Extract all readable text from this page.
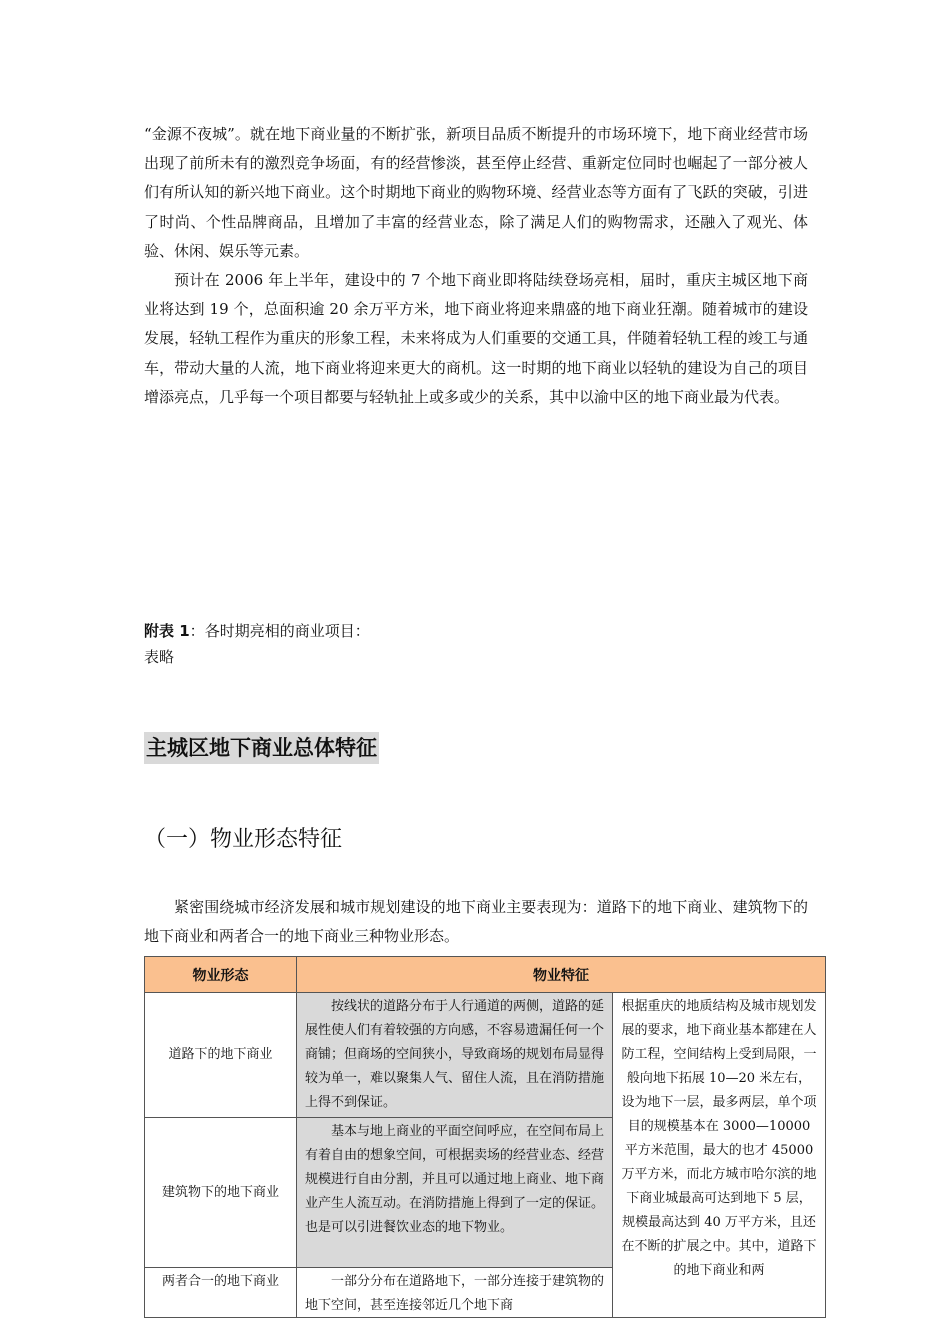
“金源不夜城”。就在地下商业量的不断扩张，新项目品质不断提升的市场环境下，地下商业经营市场出现了前所未有的激烈竞争场面，有的经营惨淡，甚至停止经营、重新定位同时也崛起了一部分被人们有所认知的新兴地下商业。这个时期地下商业的购物环境、经营业态等方面有了飞跃的突破，引进了时尚、个性品牌商品，且增加了丰富的经营业态，除了满足人们的购物需求，还融入了观光、体验、休闲、娱乐等元素。

预计在 2006 年上半年，建设中的 7 个地下商业即将陆续登场亮相，届时，重庆主城区地下商业将达到 19 个，总面积逾 20 余万平方米，地下商业将迎来鼎盛的地下商业狂潮。随着城市的建设发展，轻轨工程作为重庆的形象工程，未来将成为人们重要的交通工具，伴随着轻轨工程的竣工与通车，带动大量的人流，地下商业将迎来更大的商机。这一时期的地下商业以轻轨的建设为自己的项目增添亮点，几乎每一个项目都要与轻轨扯上或多或少的关系，其中以渝中区的地下商业最为代表。

附表 1：各时期亮相的商业项目：
表略
主城区地下商业总体特征
（一）物业形态特征

紧密围绕城市经济发展和城市规划建设的地下商业主要表现为：道路下的地下商业、建筑物下的地下商业和两者合一的地下商业三种物业形态。

物业形态	物业特征	
道路下的地下商业	按线状的道路分布于人行通道的两侧，道路的延展性使人们有着较强的方向感，不容易遗漏任何一个商铺；但商场的空间狭小，导致商场的规划布局显得较为单一，难以聚集人气、留住人流，且在消防措施上得不到保证。	根据重庆的地质结构及城市规划发展的要求，地下商业基本都建在人防工程，空间结构上受到局限，一般向地下拓展 10—20 米左右，设为地下一层，最多两层，单个项目的规模基本在 3000—10000 平方米范围，最大的也才 45000 万平方米，而北方城市哈尔滨的地下商业城最高可达到地下 5 层，规模最高达到 40 万平方米，且还在不断的扩展之中。其中，道路下的地下商业和两

建筑物下的地下商业	基本与地上商业的平面空间呼应，在空间布局上有着自由的想象空间，可根据卖场的经营业态、经营规模进行自由分割，并且可以通过地上商业、地下商业产生人流互动。在消防措施上得到了一定的保证。也是可以引进餐饮业态的地下物业。	
两者合一的地下商业	一部分分布在道路地下，一部分连接于建筑物的地下空间，甚至连接邻近几个地下商	
